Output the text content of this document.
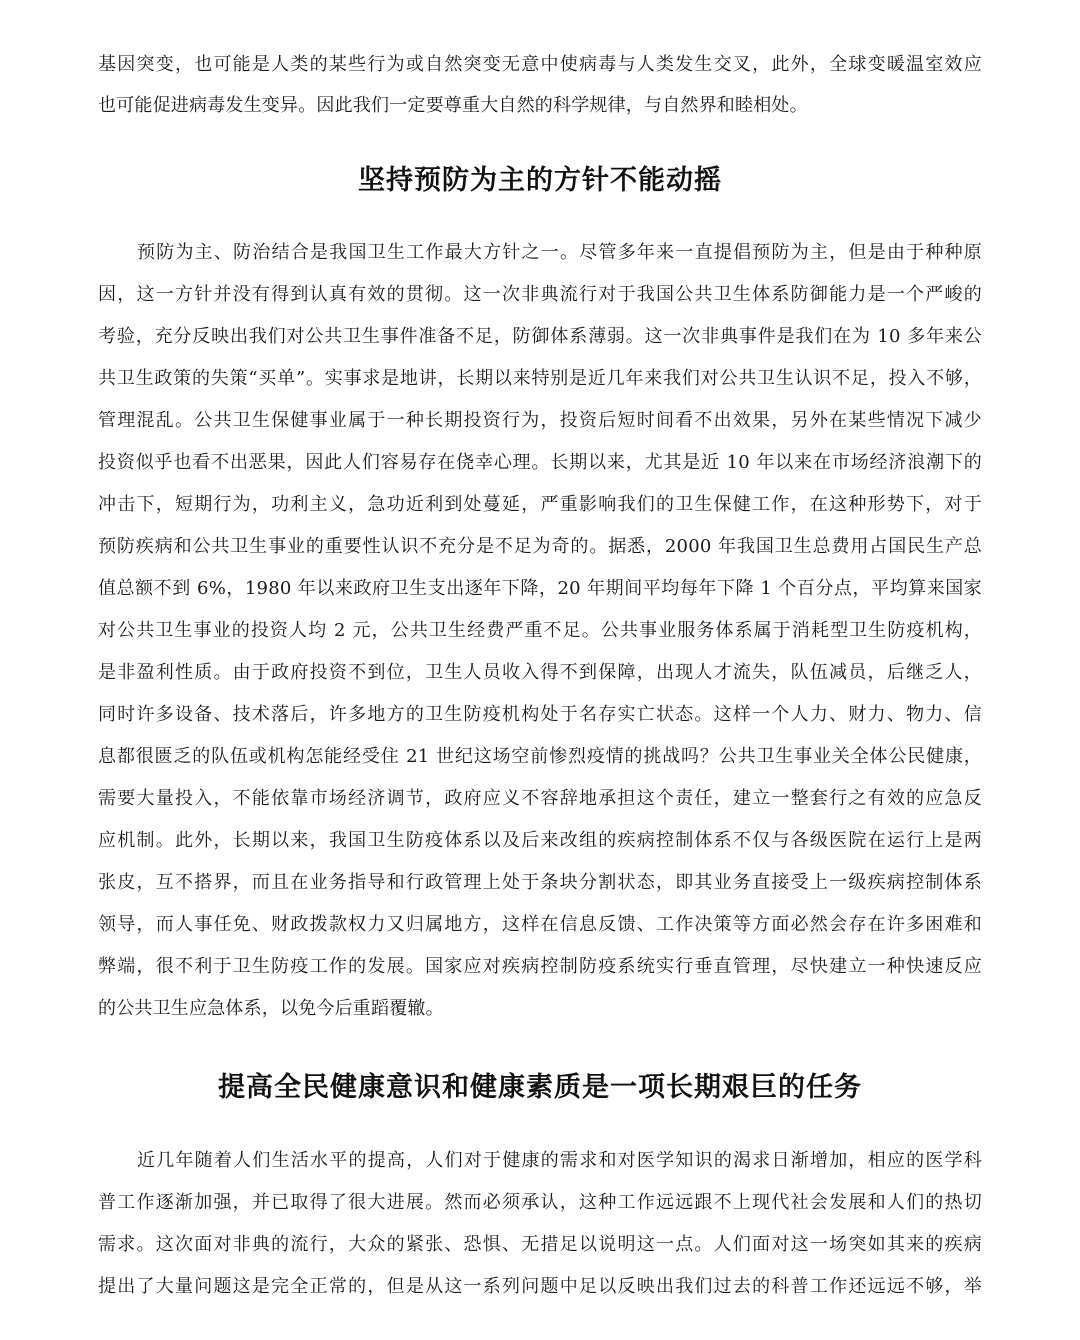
基因突变，也可能是人类的某些行为或自然突变无意中使病毒与人类发生交叉，此外，全球变暖温室效应
也可能促进病毒发生变异。因此我们一定要尊重大自然的科学规律，与自然界和睦相处。
坚持预防为主的方针不能动摇
预防为主、防治结合是我国卫生工作最大方针之一。尽管多年来一直提倡预防为主，但是由于种种原
因，这一方针并没有得到认真有效的贯彻。这一次非典流行对于我国公共卫生体系防御能力是一个严峻的
考验，充分反映出我们对公共卫生事件准备不足，防御体系薄弱。这一次非典事件是我们在为 10 多年来公
共卫生政策的失策“买单”。实事求是地讲，长期以来特别是近几年来我们对公共卫生认识不足，投入不够，
管理混乱。公共卫生保健事业属于一种长期投资行为，投资后短时间看不出效果，另外在某些情况下减少
投资似乎也看不出恶果，因此人们容易存在侥幸心理。长期以来，尤其是近 10 年以来在市场经济浪潮下的
冲击下，短期行为，功利主义，急功近利到处蔓延，严重影响我们的卫生保健工作，在这种形势下，对于
预防疾病和公共卫生事业的重要性认识不充分是不足为奇的。据悉，2000 年我国卫生总费用占国民生产总
值总额不到 6%，1980 年以来政府卫生支出逐年下降，20 年期间平均每年下降 1 个百分点，平均算来国家
对公共卫生事业的投资人均 2 元，公共卫生经费严重不足。公共事业服务体系属于消耗型卫生防疫机构，
是非盈利性质。由于政府投资不到位，卫生人员收入得不到保障，出现人才流失，队伍减员，后继乏人，
同时许多设备、技术落后，许多地方的卫生防疫机构处于名存实亡状态。这样一个人力、财力、物力、信
息都很匮乏的队伍或机构怎能经受住 21 世纪这场空前惨烈疫情的挑战吗？公共卫生事业关全体公民健康，
需要大量投入，不能依靠市场经济调节，政府应义不容辞地承担这个责任，建立一整套行之有效的应急反
应机制。此外，长期以来，我国卫生防疫体系以及后来改组的疾病控制体系不仅与各级医院在运行上是两
张皮，互不搭界，而且在业务指导和行政管理上处于条块分割状态，即其业务直接受上一级疾病控制体系
领导，而人事任免、财政拨款权力又归属地方，这样在信息反馈、工作决策等方面必然会存在许多困难和
弊端，很不利于卫生防疫工作的发展。国家应对疾病控制防疫系统实行垂直管理，尽快建立一种快速反应
的公共卫生应急体系，以免今后重蹈覆辙。
提高全民健康意识和健康素质是一项长期艰巨的任务
近几年随着人们生活水平的提高，人们对于健康的需求和对医学知识的渴求日渐增加，相应的医学科
普工作逐渐加强，并已取得了很大进展。然而必须承认，这种工作远远跟不上现代社会发展和人们的热切
需求。这次面对非典的流行，大众的紧张、恐惧、无措足以说明这一点。人们面对这一场突如其来的疾病
提出了大量问题这是完全正常的，但是从这一系列问题中足以反映出我们过去的科普工作还远远不够，举
